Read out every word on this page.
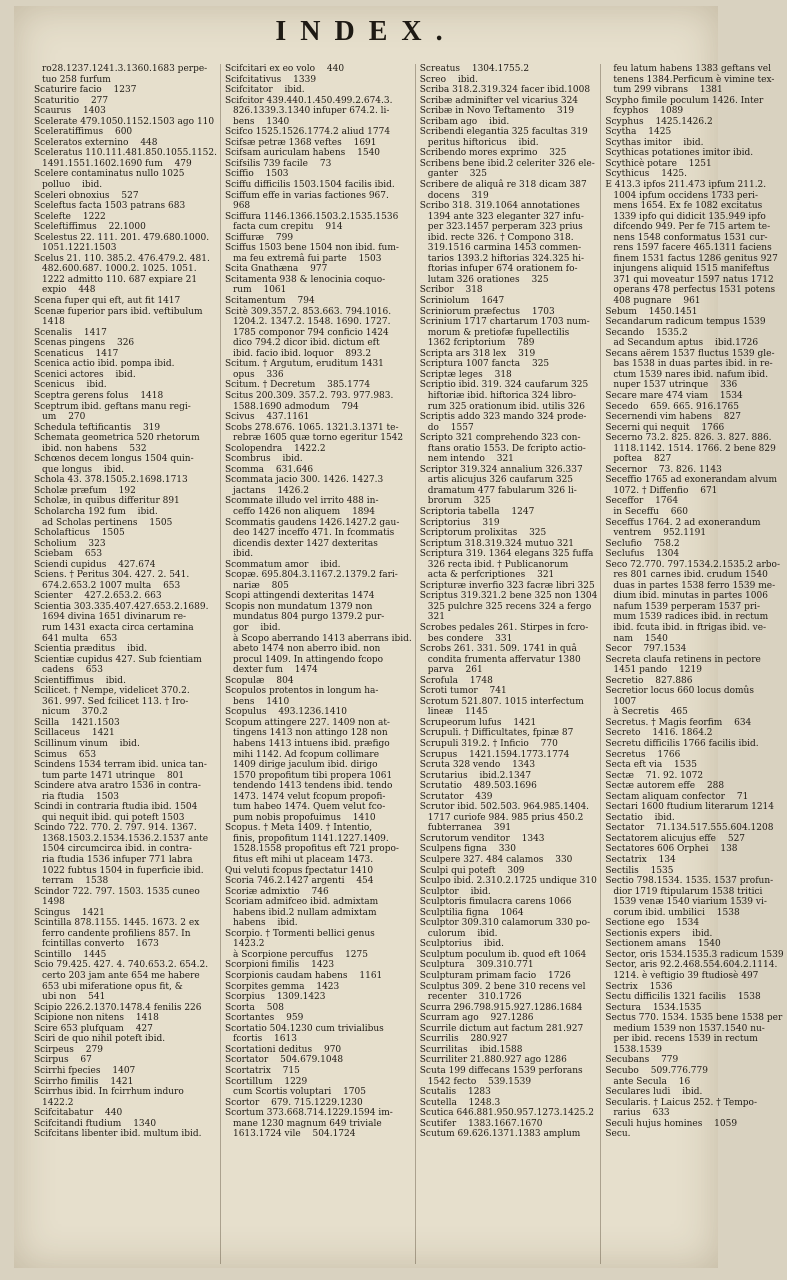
INDEX.
ro28.1237.1241.3.1360.1683 perpe-
tuo 258 furfum
Scaturire facio  1237
Scaturitio  277
Scaurus  1403
Scelerate 479.1050.1152.1503 ago 110
Sceleratiffimus  600
Sceleratos externino  448
Sceleratus 110.111.481.850.1055.1152.
1491.1551.1602.1690 fum  479
Scelere contaminatus nullo 1025
polluo  ibid.
Sceleri obnoxius  527
Sceleftus facta 1503 patrans 683
Scelefte  1222
Sceleftiffimus  22.1000
Scelestus 22. 111. 201. 479.680.1000.
1051.1221.1503
Scelus 21. 110. 385.2. 476.479.2. 481.
482.600.687. 1000.2. 1025. 1051.
1222 admitto 110. 687 expiare 21
expio  448
Scena fuper qui eft, aut fit 1417
Scenæ fuperior pars ibid. veftibulum
1418
Scenalis  1417
Scenas pingens  326
Scenaticus  1417
Scenica actio ibid. pompa ibid.
Scenici actores  ibid.
Scenicus  ibid.
Sceptra gerens folus  1418
Sceptrum ibid. geftans manu regi-
um  270
Schedula teftificantis  319
Schemata geometrica 520 rhetorum
ibid. non habens  532
Schœnos decem longus 1504 quin-
que longus  ibid.
Schola 43. 378.1505.2.1698.1713
Scholæ præfum  192
Scholæ, in quibus differitur 891
Scholarcha 192 fum  ibid.
ad Scholas pertinens  1505
Scholafticus  1505
Scholium  323
Sciebam  653
Sciendi cupidus  427.674
Sciens. † Peritus 304. 427. 2. 541.
674.2.653.2 1007 multa  653
Scienter  427.2.653.2. 663
Scientia 303.335.407.427.653.2.1689.
1694 divina 1651 divinarum re-
rum 1431 exacta circa certamina
641 multa  653
Scientia præditus  ibid.
Scientiæ cupidus 427. Sub fcientiam
cadens  653
Scientiffimus  ibid.
Scilicet. † Nempe, videlicet 370.2.
361. 997. Sed fcilicet 113. † Iro-
nicum  370.2
Scilla  1421.1503
Scillaceus  1421
Scillinum vinum  ibid.
Scimus  653
Scindens 1534 terram ibid. unica tan-
tum parte 1471 utrinque  801
Scindere atva aratro 1536 in contra-
ria ftudia  1503
Scindi in contraria ftudia ibid. 1504
qui nequit ibid. qui poteft 1503
Scindo 722. 770. 2. 797. 914. 1367.
1368.1503.2.1534.1536.2.1537 ante
1504 circumcirca ibid. in contra-
ria ftudia 1536 infuper 771 labra
1022 fubtus 1504 in fuperficie ibid.
terram  1538
Scindor 722. 797. 1503. 1535 cuneo
1498
Scingus  1421
Scintilla 878.1155. 1445. 1673. 2 ex
ferro candente profiliens 857. In
fcintillas converto  1673
Scintillo  1445
Scio 79.425. 427. 4. 740.653.2. 654.2.
certo 203 jam ante 654 me habere
653 ubi miferatione opus fit, &
ubi non  541
Scipio 226.2.1370.1478.4 fenilis 226
Scipione non nitens  1418
Scire 653 plufquam  427
Sciri de quo nihil poteft ibid.
Scirpeus  279
Scirpus  67
Scirrhi fpecies  1407
Scirrho fimilis  1421
Scirrhus ibid. In fcirrhum induro
1422.2
Scifcitabatur  440
Scifcitandi ftudium  1340
Scifcitans libenter ibid. multum ibid.
Scifcitari ex eo volo  440
Scifcitativus  1339
Scifcitator  ibid.
Scifcitor 439.440.1.450.499.2.674.3.
826.1339.3.1340 infuper 674.2. li-
bens  1340
Scifco 1525.1526.1774.2 aliud 1774
Scifsæ petræ 1368 veftes  1691
Scifsam auriculam habens  1540
Scifsilis 739 facile  73
Sciffio  1503
Sciffu difficilis 1503.1504 facilis ibid.
Sciffum effe in varias factiones 967.
968
Sciffura 1146.1366.1503.2.1535.1536
facta cum crepitu  914
Sciffuræ  799
Sciffus 1503 bene 1504 non ibid. fum-
ma feu extremâ fui parte  1503
Scita Gnathæna  977
Scitamenta 938 & lenocinia coquo-
rum  1061
Scitamentum  794
Scitè 309.357.2. 853.663. 794.1016.
1204.2. 1347.2. 1548. 1690. 1727.
1785 componor 794 conficio 1424
dico 794.2 dicor ibid. dictum eft
ibid. facio ibid. loquor  893.2
Scitum. † Argutum, eruditum 1431
opus  336
Scitum. † Decretum  385.1774
Scitus 200.309. 357.2. 793. 977.983.
1588.1690 admodum  794
Scivus  437.1161
Scobs 278.676. 1065. 1321.3.1371 te-
rebræ 1605 quæ torno egeritur 1542
Scolopendra  1422.2
Scombrus  ibid.
Scomma  631.646
Scommata jacio 300. 1426. 1427.3
jactans  1426.2
Scommate illudo vel irrito 488 in-
ceffo 1426 non aliquem  1894
Scommatis gaudens 1426.1427.2 gau-
deo 1427 inceffo 471. In fcommatis
dicendis dexter 1427 dexteritas
ibid.
Scommatum amor  ibid.
Scopæ. 695.804.3.1167.2.1379.2 fari-
nariæ  805
Scopi attingendi dexteritas 1474
Scopis non mundatum 1379 non
mundatus 804 purgo 1379.2 pur-
gor  ibid.
à Scopo aberrando 1413 aberrans ibid.
abeto 1474 non aberro ibid. non
procul 1409. In attingendo fcopo
dexter fum  1474
Scopulæ  804
Scopulos protentos in longum ha-
bens  1410
Scopulus  493.1236.1410
Scopum attingere 227. 1409 non at-
tingens 1413 non attingo 128 non
habens 1413 intuens ibid. præfigo
mihi 1142. Ad fcopum collimare
1409 dirige jaculum ibid. dirigo
1570 propofitum tibi propera 1061
tendendo 1413 tendens ibid. tendo
1473. 1474 velut fcopum propofi-
tum habeo 1474. Quem velut fco-
pum nobis propofuimus  1410
Scopus. † Meta 1409. † Intentio,
finis, propofitum 1141.1227.1409.
1528.1558 propofitus eft 721 propo-
fitus eft mihi ut placeam 1473.
Qui veluti fcopus fpectatur 1410
Scoria 746.2.1427 argenti  454
Scoriæ admixtio  746
Scoriam admifceo ibid. admixtam
habens ibid.2 nullam admixtam
habens  ibid.
Scorpio. † Tormenti bellici genus
1423.2
à Scorpione percuffus  1275
Scorpioni fimilis  1423
Scorpionis caudam habens  1161
Scorpites gemma  1423
Scorpius  1309.1423
Scorta  508
Scortantes  959
Scortatio 504.1230 cum trivialibus
fcortis  1613
Scortationi deditus  970
Scortator  504.679.1048
Scortatrix  715
Scortillum  1229
cum Scortis voluptari  1705
Scortor  679. 715.1229.1230
Scortum 373.668.714.1229.1594 im-
mane 1230 magnum 649 triviale
1613.1724 vile  504.1724
Screatus  1304.1755.2
Screo  ibid.
Scriba 318.2.319.324 facer ibid.1008
Scribæ adminifter vel vicarius 324
Scribæ in Novo Teftamento  319
Scribam ago  ibid.
Scribendi elegantia 325 facultas 319
peritus hiftoricus  ibid.
Scribendo mores exprimo  325
Scribens bene ibid.2 celeriter 326 ele-
ganter  325
Scribere de aliquâ re 318 dicam 387
docens  319
Scribo 318. 319.1064 annotationes
1394 ante 323 eleganter 327 infu-
per 323.1457 perperam 323 prius
ibid. recte 326. † Compono 318.
319.1516 carmina 1453 commen-
tarios 1393.2 hiftorias 324.325 hi-
ftorias infuper 674 orationem fo-
lutam 326 orationes  325
Scribor  318
Scriniolum  1647
Scriniorum præfectus  1703
Scrinium 1717 chartarum 1703 num-
morum & pretiofæ fupellectilis
1362 fcriptorium  789
Scripta ars 318 lex  319
Scriptura 1007 fancta  325
Scriptæ leges  318
Scriptio ibid. 319. 324 caufarum 325
hiftoriæ ibid. hiftorica 324 libro-
rum 325 orationum ibid. utilis 326
Scriptis addo 323 mando 324 prode-
do  1557
Scripto 321 comprehendo 323 con-
ftans oratio 1553. De fcripto actio-
nem intendo  321
Scriptor 319.324 annalium 326.337
artis alicujus 326 caufarum 325
dramatum 477 fabularum 326 li-
brorum  325
Scriptoria tabella  1247
Scriptorius  319
Scriptorum prolixitas  325
Scriptum 318.319.324 mutuo 321
Scriptura 319. 1364 elegans 325 fuffa
326 recta ibid. † Publicanorum
acta & perfcriptiones  321
Scripturæ inverfio 323 facræ libri 325
Scriptus 319.321.2 bene 325 non 1304
325 pulchre 325 recens 324 a fergo
321
Scrobes pedales 261. Stirpes in fcro-
bes condere  331
Scrobs 261. 331. 509. 1741 in quâ
condita frumenta affervatur 1380
parva  261
Scrofula  1748
Scroti tumor  741
Scrotum 521.807. 1015 interfectum
lineæ  1145
Scrupeorum lufus  1421
Scrupuli. † Difficultates, fpinæ 87
Scrupuli 319.2. † Inficio  770
Scrupus  1421.1594.1773.1774
Scruta 328 vendo  1343
Scrutarius  ibid.2.1347
Scrutatio  489.503.1696
Scrutator  439
Scrutor ibid. 502.503. 964.985.1404.
1717 curiofe 984. 985 prius 450.2
fubterranea  391
Scrutorum venditor  1343
Sculpens figna  330
Sculpere 327. 484 calamos  330
Sculpi qui poteft  309
Sculpo ibid. 2.310.2.1725 undique 310
Sculptor  ibid.
Sculptoris fimulacra carens 1066
Sculptilia figna  1064
Sculptor 309.310 calamorum 330 po-
culorum  ibid.
Sculptorius  ibid.
Sculptum poculum ib. quod eft 1064
Sculptura  309.310.771
Sculpturam primam facio  1726
Sculptus 309. 2 bene 310 recens vel
recenter  310.1726
Scurra 296.798.915.927.1286.1684
Scurram ago  927.1286
Scurrile dictum aut factum 281.927
Scurrilis  280.927
Scurrilitas  ibid.1588
Scurriliter 21.880.927 ago 1286
Scuta 199 diffecans 1539 perforans
1542 fecto  539.1539
Scutalis  1283
Scutella  1248.3
Scutica 646.881.950.957.1273.1425.2
Scutifer  1383.1667.1670
Scutum 69.626.1371.1383 amplum
feu latum habens 1383 geftans vel
tenens 1384.Perficum è vimine tex-
tum 299 vibrans  1381
Scypho fimile poculum 1426. Inter
fcyphos  1089
Scyphus  1425.1426.2
Scytha  1425
Scythas imitor  ibid.
Scythicas potationes imitor ibid.
Scythicè potare  1251
Scythicus  1425.
E 413.3 ipfos 211.473 ipfum 211.2.
1004 ipfum occidens 1733 peri-
mens 1654. Ex fe 1082 excitatus
1339 ipfo qui didicit 135.949 ipfo
difcendo 949. Per fe 715 artem te-
nens 1548 conformatus 1531 cur-
rens 1597 facere 465.1311 faciens
finem 1531 factus 1286 genitus 927
injungens aliquid 1515 manifeftus
371 qui moveatur 1597 natus 1712
operans 478 perfectus 1531 potens
408 pugnare  961
Sebum  1450.1451
Secandarum radicum tempus 1539
Secando  1535.2
ad Secandum aptus  ibid.1726
Secans aërem 1537 fluctus 1539 gle-
bas 1538 in duas partes ibid. in re-
ctum 1539 nares ibid. nafum ibid.
nuper 1537 utrinque  336
Secare mare 474 viam  1534
Secedo  659. 665. 916.1765
Secernendi vim habens  827
Secerni qui nequit  1766
Secerno 73.2. 825. 826. 3. 827. 886.
1118.1142. 1514. 1766. 2 bene 829
poftea  827
Secernor  73. 826. 1143
Seceffio 1765 ad exonerandam alvum
1072. † Diffenfio  671
Seceffor  1764
in Seceffu  660
Seceffus 1764. 2 ad exonerandum
ventrem  952.1191
Seclufio  758.2
Seclufus  1304
Seco 72.770. 797.1534.2.1535.2 arbo-
res 801 carnes ibid. crudum 1540
duas in partes 1538 ferro 1539 me-
dium ibid. minutas in partes 1006
nafum 1539 perperam 1537 pri-
mum 1539 radices ibid. in rectum
ibid. fcuta ibid. in ftrigas ibid. ve-
nam  1540
Secor  797.1534
Secreta claufa retinens in pectore
1451 pando  1219
Secretio  827.886
Secretior locus 660 locus domûs
1007
à Secretis  465
Secretus. † Magis feorfim  634
Secreto  1416. 1864.2
Secretu difficilis 1766 facilis ibid.
Secretus  1766
Secta eft via  1535
Sectæ  71. 92. 1072
Sectæ autorem effe  288
Sectam aliquam confector  71
Sectari 1600 ftudium literarum 1214
Sectatio  ibid.
Sectator  71.134.517.555.604.1208
Sectatorem alicujus effe  527
Sectatores 606 Orphei  138
Sectatrix  134
Sectilis  1535
Sectio 798.1534. 1535. 1537 profun-
dior 1719 ftipularum 1538 tritici
1539 venæ 1540 viarium 1539 vi-
corum ibid. umbilici  1538
Sectione ego  1534
Sectionis expers  ibid.
Sectionem amans  1540
Sector, oris 1534.1535.3 radicum 1539
Sector, aris 92.2.468.554.604.2.1114.
1214. è veftigio 39 ftudiosè 497
Sectrix  1536
Sectu difficilis 1321 facilis  1538
Sectura  1534.1535
Sectus 770. 1534. 1535 bene 1538 per
medium 1539 non 1537.1540 nu-
per ibid. recens 1539 in rectum
1538.1539
Secubans  779
Secubo  509.776.779
ante Secula  16
Seculares ludi  ibid.
Secularis. † Laicus 252. † Tempo-
rarius  633
Seculi hujus homines  1059
Secu.
